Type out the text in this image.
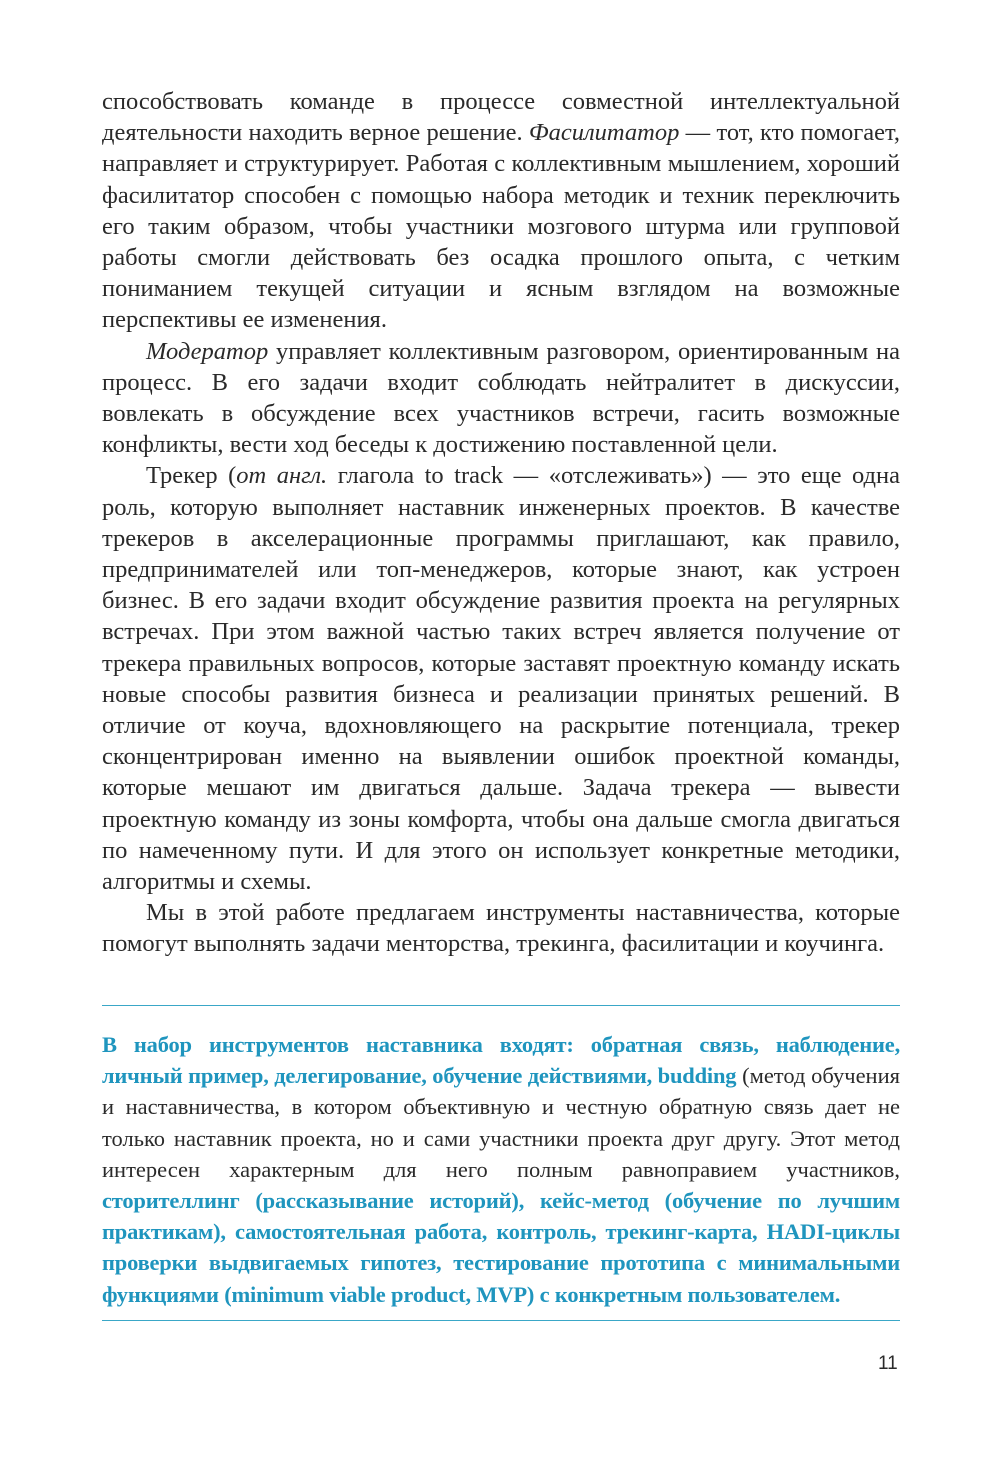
способствовать команде в процессе совместной интеллектуальной деятельности находить верное решение. Фасилитатор — тот, кто помогает, направляет и структурирует. Работая с коллективным мышлением, хороший фасилитатор способен с помощью набора методик и техник переключить его таким образом, чтобы участники мозгового штурма или групповой работы смогли действовать без осадка прошлого опыта, с четким пониманием текущей ситуации и ясным взглядом на возможные перспективы ее изменения.

Модератор управляет коллективным разговором, ориентированным на процесс. В его задачи входит соблюдать нейтралитет в дискуссии, вовлекать в обсуждение всех участников встречи, гасить возможные конфликты, вести ход беседы к достижению поставленной цели.

Трекер (от англ. глагола to track — «отслеживать») — это еще одна роль, которую выполняет наставник инженерных проектов. В качестве трекеров в акселерационные программы приглашают, как правило, предпринимателей или топ-менеджеров, которые знают, как устроен бизнес. В его задачи входит обсуждение развития проекта на регулярных встречах. При этом важной частью таких встреч является получение от трекера правильных вопросов, которые заставят проектную команду искать новые способы развития бизнеса и реализации принятых решений. В отличие от коуча, вдохновляющего на раскрытие потенциала, трекер сконцентрирован именно на выявлении ошибок проектной команды, которые мешают им двигаться дальше. Задача трекера — вывести проектную команду из зоны комфорта, чтобы она дальше смогла двигаться по намеченному пути. И для этого он использует конкретные методики, алгоритмы и схемы.

Мы в этой работе предлагаем инструменты наставничества, которые помогут выполнять задачи менторства, трекинга, фасилитации и коучинга.

В набор инструментов наставника входят: обратная связь, наблюдение, личный пример, делегирование, обучение действиями, budding (метод обучения и наставничества, в котором объективную и честную обратную связь дает не только наставник проекта, но и сами участники проекта друг другу. Этот метод интересен характерным для него полным равноправием участников, сторителлинг (рассказывание историй), кейс-метод (обучение по лучшим практикам), самостоятельная работа, контроль, трекинг-карта, HADI-циклы проверки выдвигаемых гипотез, тестирование прототипа с минимальными функциями (minimum viable product, MVP) с конкретным пользователем.

11
